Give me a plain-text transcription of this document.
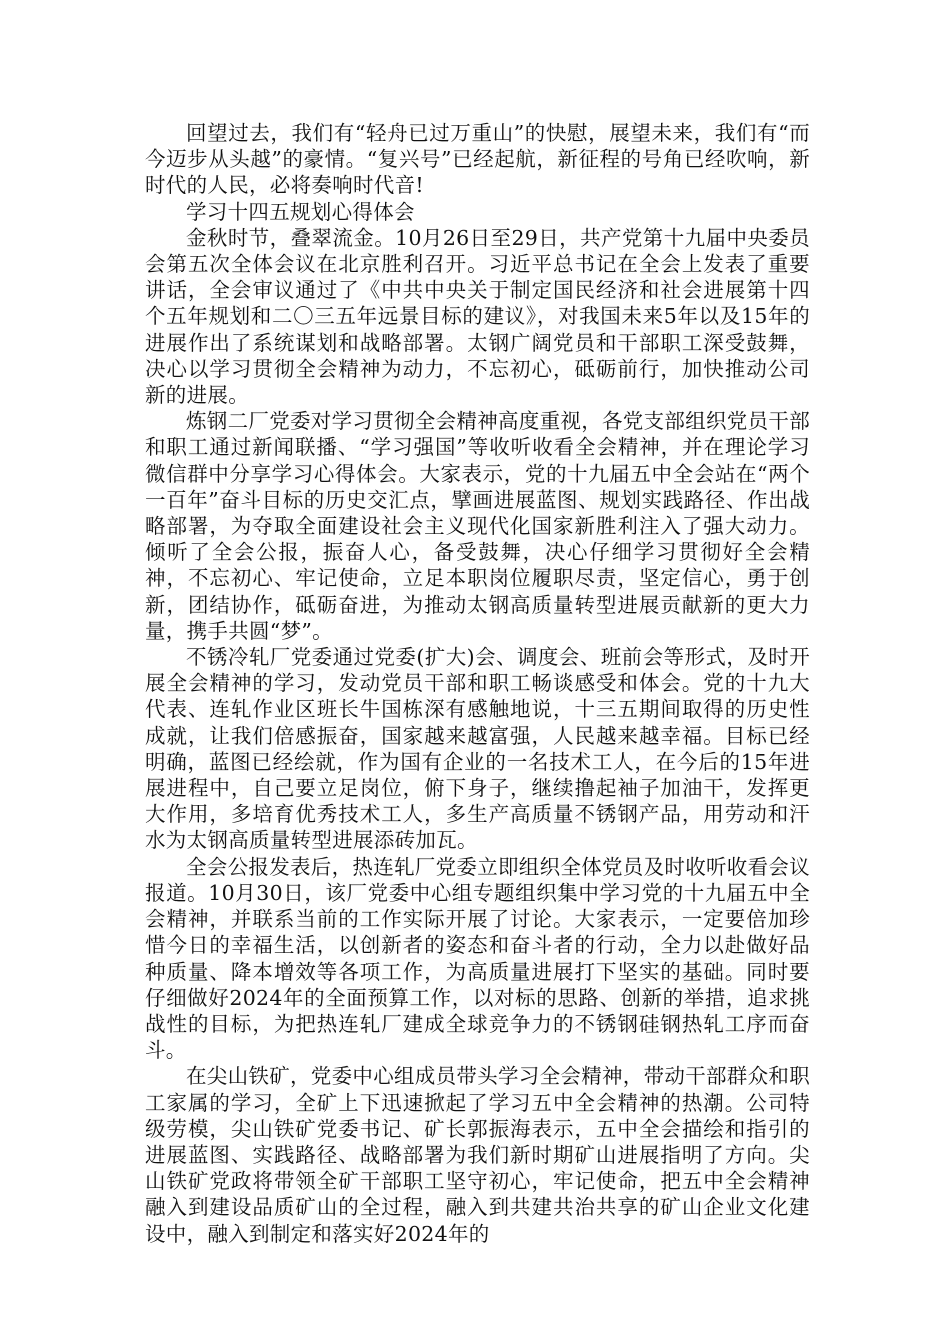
回望过去，我们有“轻舟已过万重山”的快慰，展望未来，我们有“而今迈步从头越”的豪情。“复兴号”已经起航，新征程的号角已经吹响，新时代的人民，必将奏响时代音!

学习十四五规划心得体会

金秋时节，叠翠流金。10月26日至29日，共产党第十九届中央委员会第五次全体会议在北京胜利召开。习近平总书记在全会上发表了重要讲话，全会审议通过了《中共中央关于制定国民经济和社会进展第十四个五年规划和二〇三五年远景目标的建议》，对我国未来5年以及15年的进展作出了系统谋划和战略部署。太钢广阔党员和干部职工深受鼓舞，决心以学习贯彻全会精神为动力，不忘初心，砥砺前行，加快推动公司新的进展。

炼钢二厂党委对学习贯彻全会精神高度重视，各党支部组织党员干部和职工通过新闻联播、“学习强国”等收听收看全会精神，并在理论学习微信群中分享学习心得体会。大家表示，党的十九届五中全会站在“两个一百年”奋斗目标的历史交汇点，擘画进展蓝图、规划实践路径、作出战略部署，为夺取全面建设社会主义现代化国家新胜利注入了强大动力。倾听了全会公报，振奋人心，备受鼓舞，决心仔细学习贯彻好全会精神，不忘初心、牢记使命，立足本职岗位履职尽责，坚定信心，勇于创新，团结协作，砥砺奋进，为推动太钢高质量转型进展贡献新的更大力量，携手共圆“梦”。

不锈冷轧厂党委通过党委(扩大)会、调度会、班前会等形式，及时开展全会精神的学习，发动党员干部和职工畅谈感受和体会。党的十九大代表、连轧作业区班长牛国栋深有感触地说，十三五期间取得的历史性成就，让我们倍感振奋，国家越来越富强，人民越来越幸福。目标已经明确，蓝图已经绘就，作为国有企业的一名技术工人，在今后的15年进展进程中，自己要立足岗位，俯下身子，继续撸起袖子加油干，发挥更大作用，多培育优秀技术工人，多生产高质量不锈钢产品，用劳动和汗水为太钢高质量转型进展添砖加瓦。

全会公报发表后，热连轧厂党委立即组织全体党员及时收听收看会议报道。10月30日，该厂党委中心组专题组织集中学习党的十九届五中全会精神，并联系当前的工作实际开展了讨论。大家表示，一定要倍加珍惜今日的幸福生活，以创新者的姿态和奋斗者的行动，全力以赴做好品种质量、降本增效等各项工作，为高质量进展打下坚实的基础。同时要仔细做好2024年的全面预算工作，以对标的思路、创新的举措，追求挑战性的目标，为把热连轧厂建成全球竞争力的不锈钢硅钢热轧工序而奋斗。

在尖山铁矿，党委中心组成员带头学习全会精神，带动干部群众和职工家属的学习，全矿上下迅速掀起了学习五中全会精神的热潮。公司特级劳模，尖山铁矿党委书记、矿长郭振海表示，五中全会描绘和指引的进展蓝图、实践路径、战略部署为我们新时期矿山进展指明了方向。尖山铁矿党政将带领全矿干部职工坚守初心，牢记使命，把五中全会精神融入到建设品质矿山的全过程，融入到共建共治共享的矿山企业文化建设中，融入到制定和落实好2024年的
